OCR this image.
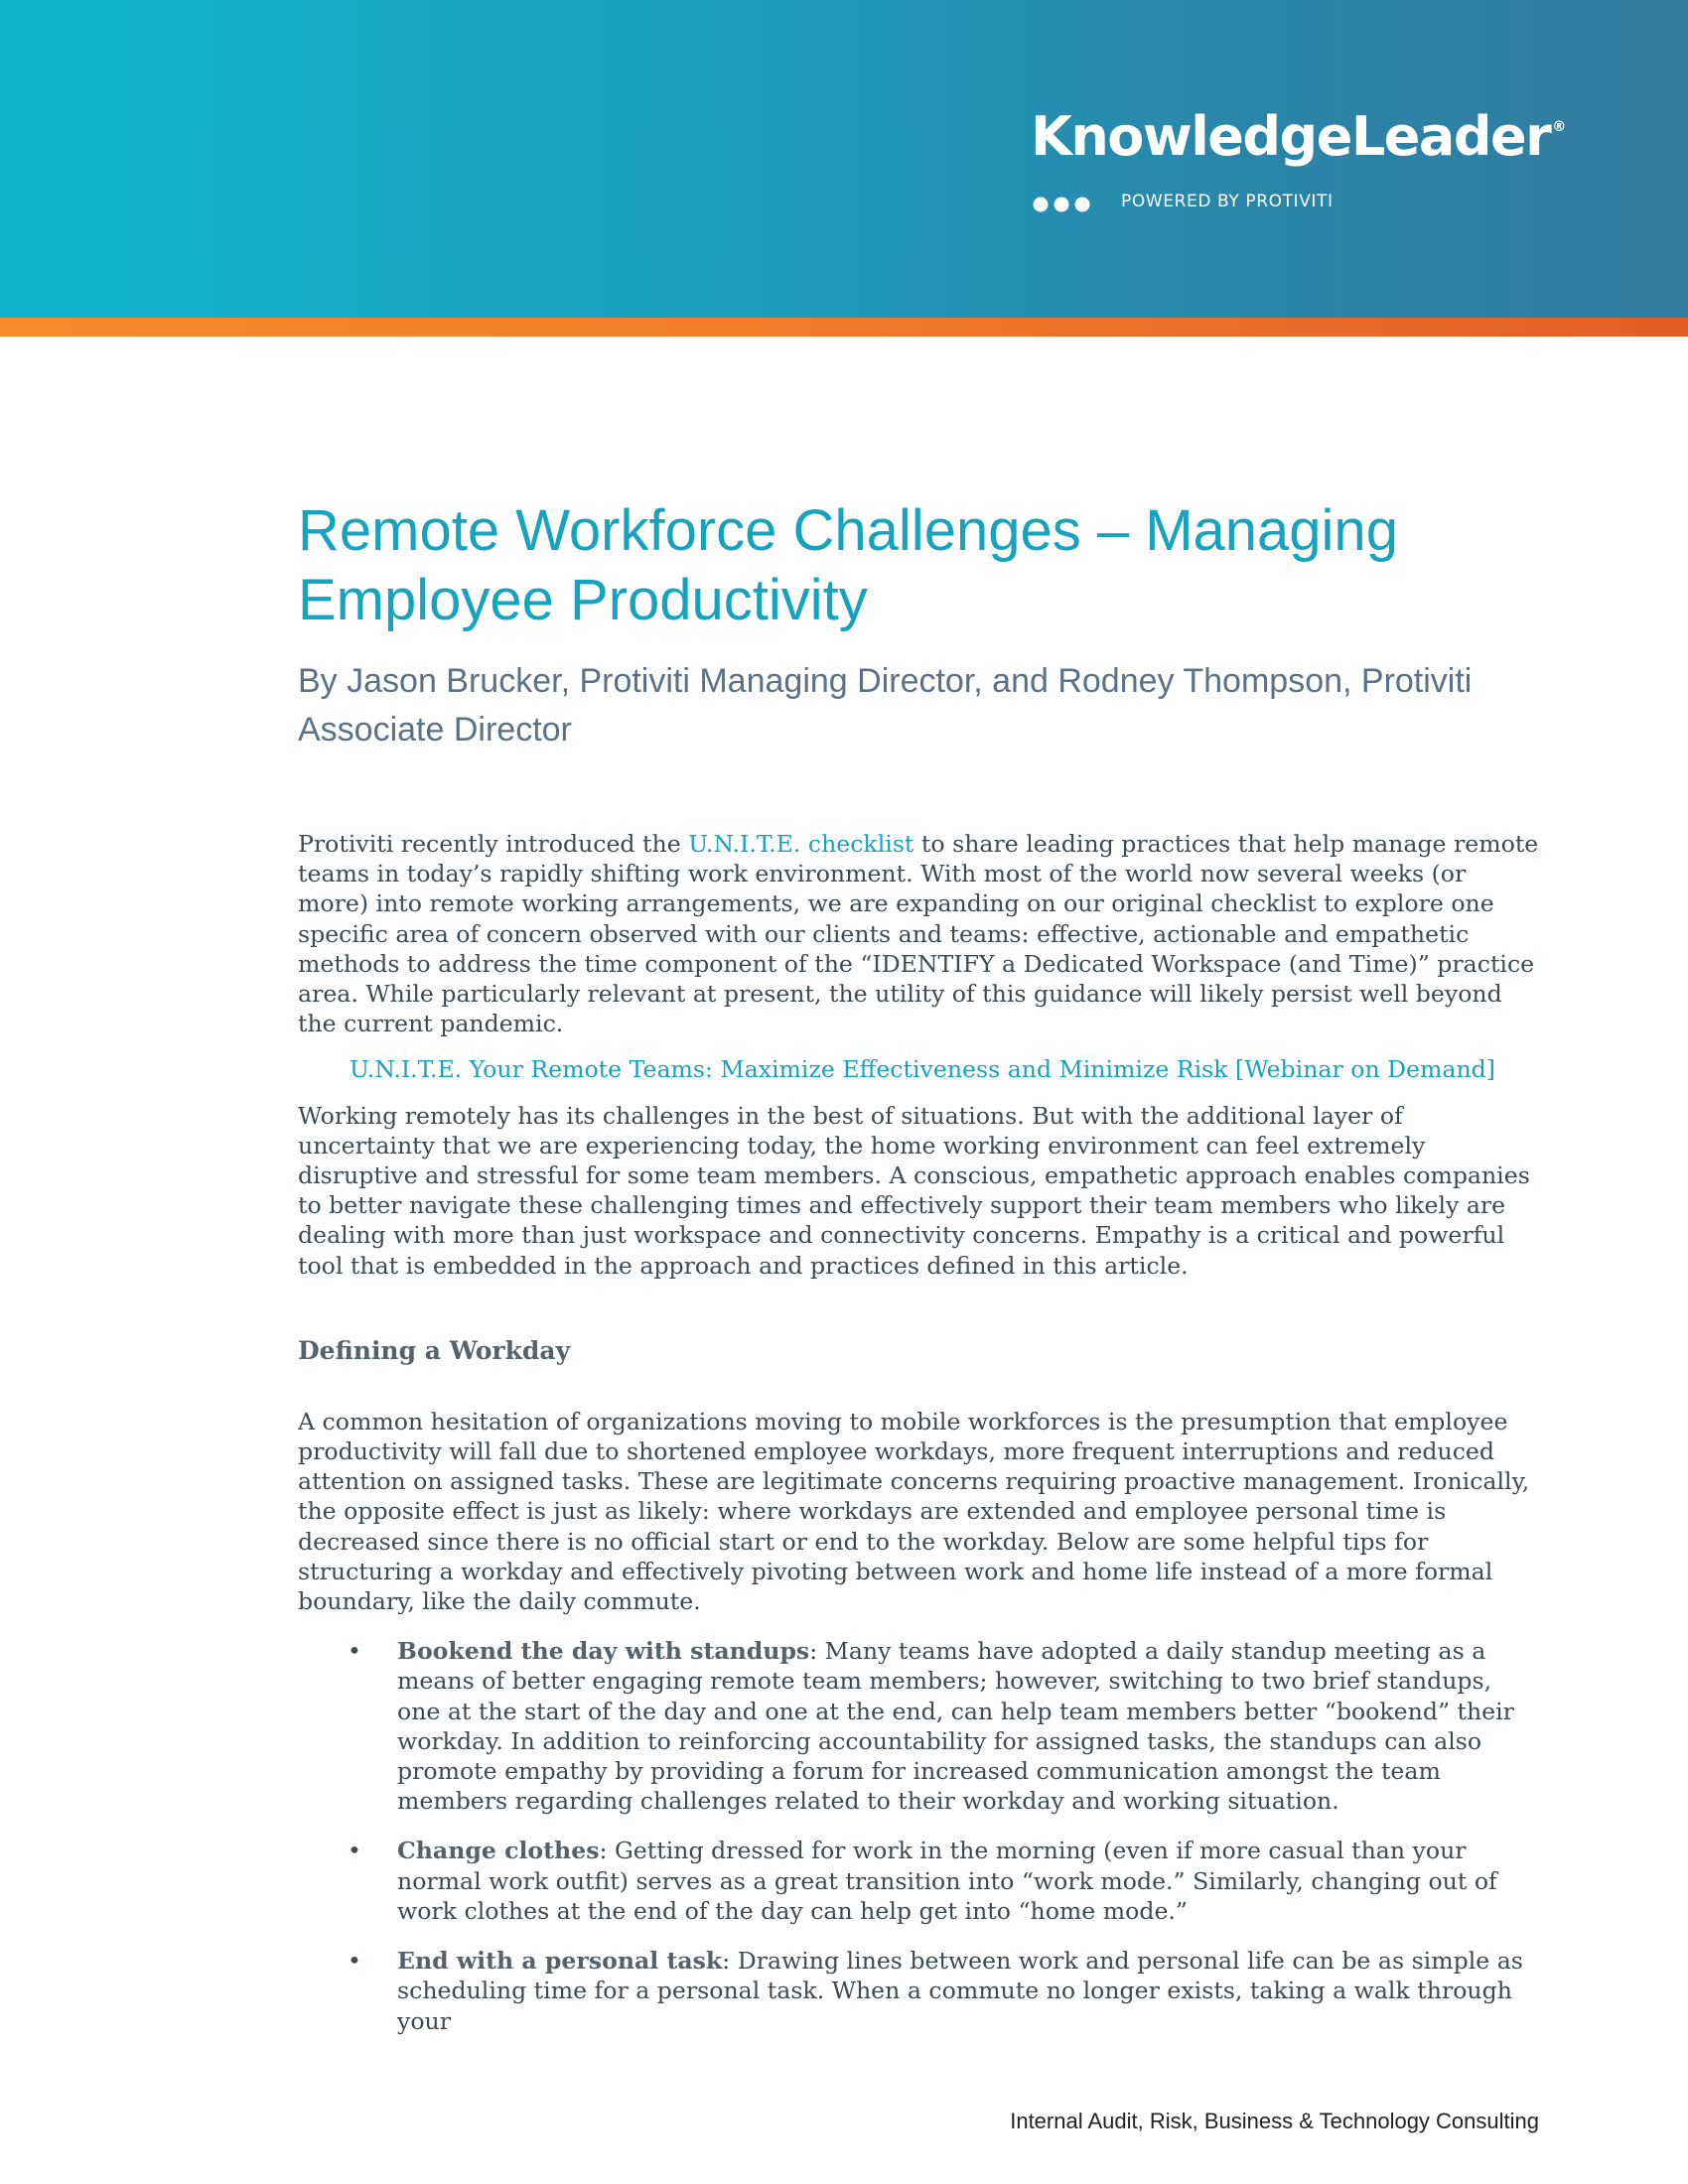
KnowledgeLeader ®
POWERED BY PROTIVITI
Remote Workforce Challenges – Managing Employee Productivity

By Jason Brucker, Protiviti Managing Director, and Rodney Thompson, Protiviti Associate Director

Protiviti recently introduced the U.N.I.T.E. checklist to share leading practices that help manage remote teams in today’s rapidly shifting work environment. With most of the world now several weeks (or more) into remote working arrangements, we are expanding on our original checklist to explore one specific area of concern observed with our clients and teams: effective, actionable and empathetic methods to address the time component of the “IDENTIFY a Dedicated Workspace (and Time)” practice area. While particularly relevant at present, the utility of this guidance will likely persist well beyond the current pandemic.

U.N.I.T.E. Your Remote Teams: Maximize Effectiveness and Minimize Risk [Webinar on Demand]

Working remotely has its challenges in the best of situations. But with the additional layer of uncertainty that we are experiencing today, the home working environment can feel extremely disruptive and stressful for some team members. A conscious, empathetic approach enables companies to better navigate these challenging times and effectively support their team members who likely are dealing with more than just workspace and connectivity concerns. Empathy is a critical and powerful tool that is embedded in the approach and practices defined in this article.

Defining a Workday

A common hesitation of organizations moving to mobile workforces is the presumption that employee productivity will fall due to shortened employee workdays, more frequent interruptions and reduced attention on assigned tasks. These are legitimate concerns requiring proactive management. Ironically, the opposite effect is just as likely: where workdays are extended and employee personal time is decreased since there is no official start or end to the workday. Below are some helpful tips for structuring a workday and effectively pivoting between work and home life instead of a more formal boundary, like the daily commute.

• Bookend the day with standups: Many teams have adopted a daily standup meeting as a means of better engaging remote team members; however, switching to two brief standups, one at the start of the day and one at the end, can help team members better “bookend” their workday. In addition to reinforcing accountability for assigned tasks, the standups can also promote empathy by providing a forum for increased communication amongst the team members regarding challenges related to their workday and working situation.
• Change clothes: Getting dressed for work in the morning (even if more casual than your normal work outfit) serves as a great transition into “work mode.” Similarly, changing out of work clothes at the end of the day can help get into “home mode.”
• End with a personal task: Drawing lines between work and personal life can be as simple as scheduling time for a personal task. When a commute no longer exists, taking a walk through your
Internal Audit, Risk, Business & Technology Consulting
